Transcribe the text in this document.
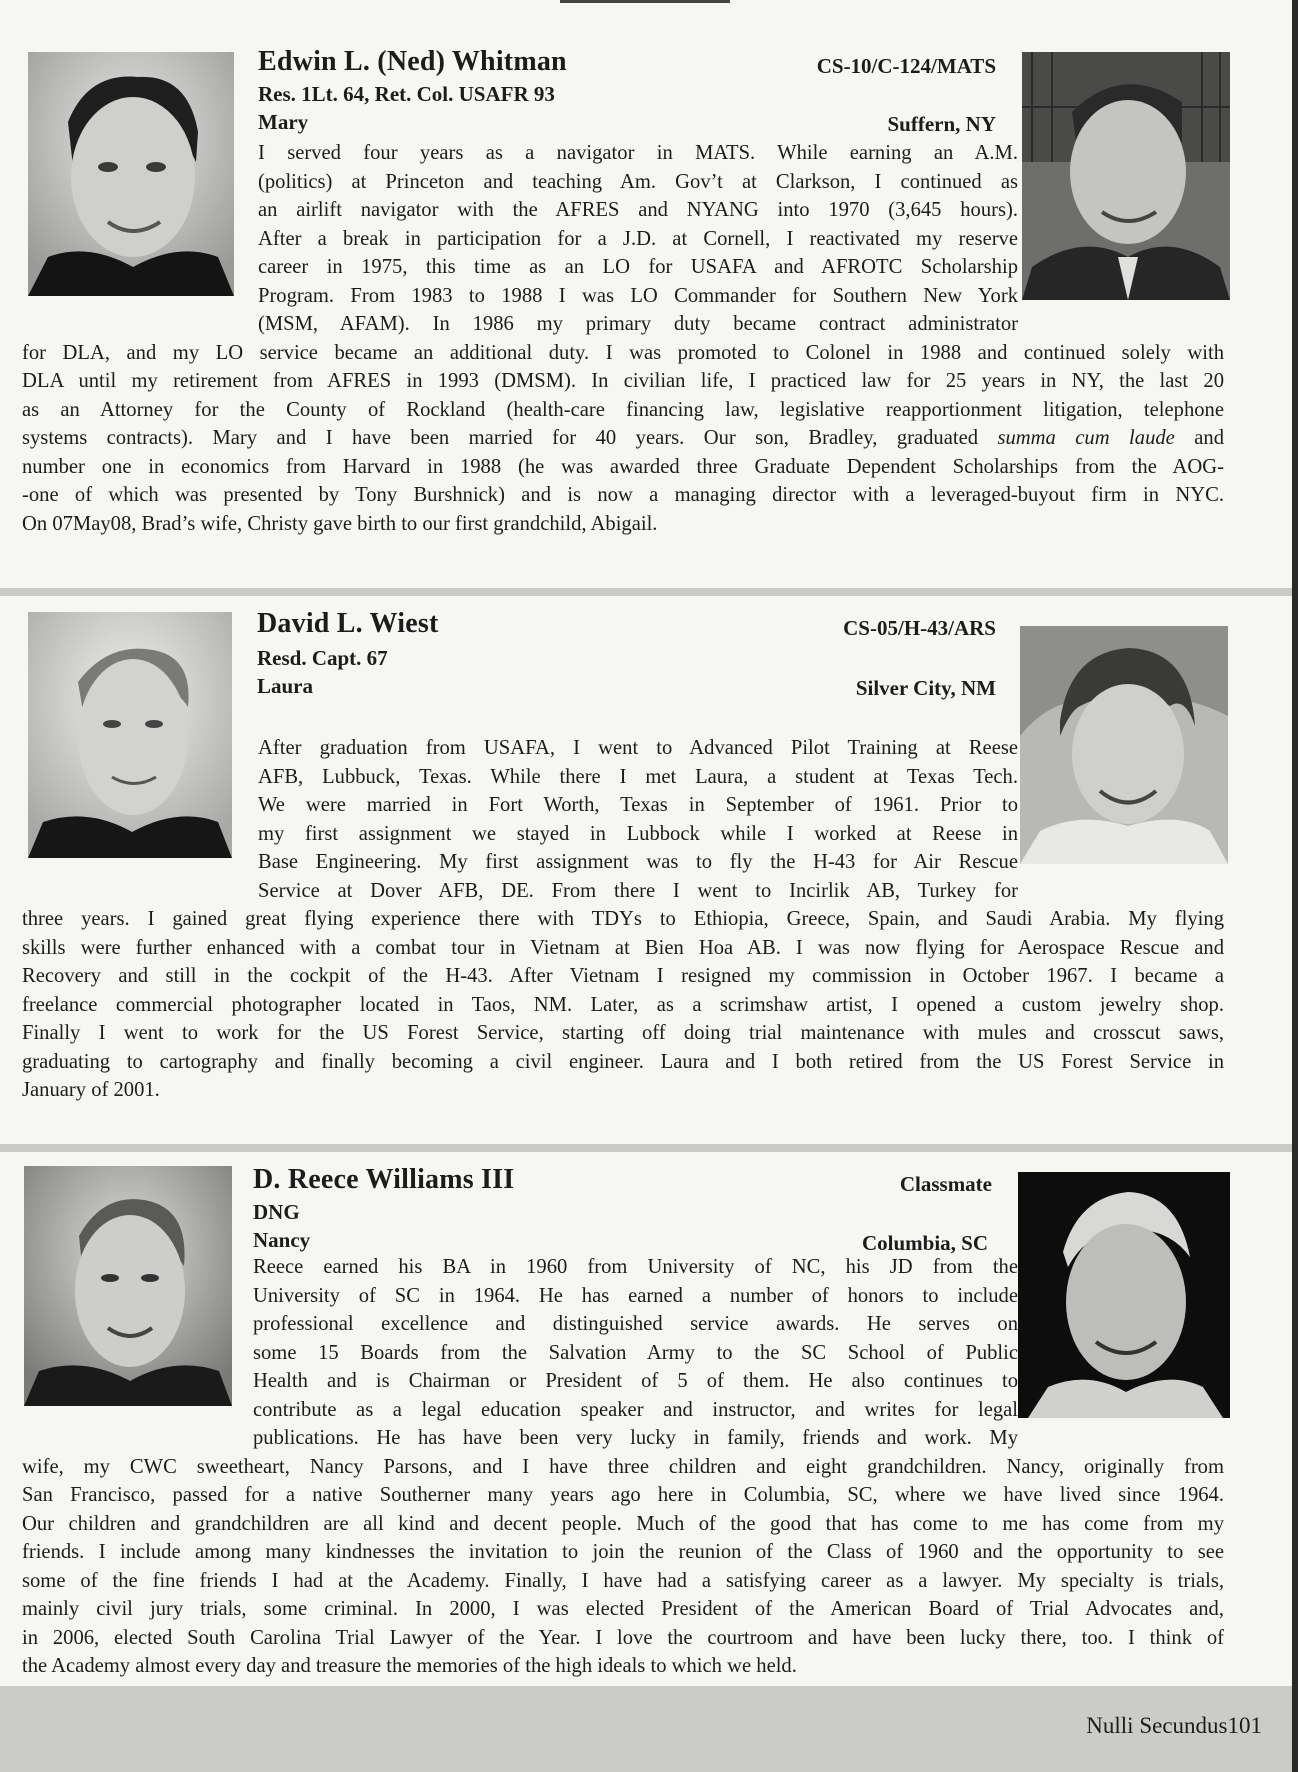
Edwin L. (Ned) Whitman	CS-10/C-124/MATS
Res. 1Lt. 64, Ret. Col. USAFR 93
Mary	Suffern, NY
I served four years as a navigator in MATS. While earning an A.M.
(politics) at Princeton and teaching Am. Gov’t at Clarkson, I continued as
an airlift navigator with the AFRES and NYANG into 1970 (3,645 hours).
After a break in participation for a J.D. at Cornell, I reactivated my reserve
career in 1975, this time as an LO for USAFA and AFROTC Scholarship
Program. From 1983 to 1988 I was LO Commander for Southern New York
(MSM, AFAM). In 1986 my primary duty became contract administrator
for DLA, and my LO service became an additional duty. I was promoted to Colonel in 1988 and continued solely with
DLA until my retirement from AFRES in 1993 (DMSM). In civilian life, I practiced law for 25 years in NY, the last 20
as an Attorney for the County of Rockland (health-care financing law, legislative reapportionment litigation, telephone
systems contracts). Mary and I have been married for 40 years. Our son, Bradley, graduated summa cum laude and
number one in economics from Harvard in 1988 (he was awarded three Graduate Dependent Scholarships from the AOG-
-one of which was presented by Tony Burshnick) and is now a managing director with a leveraged-buyout firm in NYC.
On 07May08, Brad’s wife, Christy gave birth to our first grandchild, Abigail.
David L. Wiest	CS-05/H-43/ARS
Resd. Capt. 67
Laura	Silver City, NM
After graduation from USAFA, I went to Advanced Pilot Training at Reese
AFB, Lubbuck, Texas. While there I met Laura, a student at Texas Tech.
We were married in Fort Worth, Texas in September of 1961. Prior to
my first assignment we stayed in Lubbock while I worked at Reese in
Base Engineering. My first assignment was to fly the H-43 for Air Rescue
Service at Dover AFB, DE. From there I went to Incirlik AB, Turkey for
three years. I gained great flying experience there with TDYs to Ethiopia, Greece, Spain, and Saudi Arabia. My flying
skills were further enhanced with a combat tour in Vietnam at Bien Hoa AB. I was now flying for Aerospace Rescue and
Recovery and still in the cockpit of the H-43. After Vietnam I resigned my commission in October 1967. I became a
freelance commercial photographer located in Taos, NM. Later, as a scrimshaw artist, I opened a custom jewelry shop.
Finally I went to work for the US Forest Service, starting off doing trial maintenance with mules and crosscut saws,
graduating to cartography and finally becoming a civil engineer. Laura and I both retired from the US Forest Service in
January of 2001.
D. Reece Williams III	Classmate
DNG
Nancy	Columbia, SC
Reece earned his BA in 1960 from University of NC, his JD from the
University of SC in 1964. He has earned a number of honors to include
professional excellence and distinguished service awards. He serves on
some 15 Boards from the Salvation Army to the SC School of Public
Health and is Chairman or President of 5 of them. He also continues to
contribute as a legal education speaker and instructor, and writes for legal
publications. He has have been very lucky in family, friends and work. My
wife, my CWC sweetheart, Nancy Parsons, and I have three children and eight grandchildren. Nancy, originally from
San Francisco, passed for a native Southerner many years ago here in Columbia, SC, where we have lived since 1964.
Our children and grandchildren are all kind and decent people. Much of the good that has come to me has come from my
friends. I include among many kindnesses the invitation to join the reunion of the Class of 1960 and the opportunity to see
some of the fine friends I had at the Academy. Finally, I have had a satisfying career as a lawyer. My specialty is trials,
mainly civil jury trials, some criminal. In 2000, I was elected President of the American Board of Trial Advocates and,
in 2006, elected South Carolina Trial Lawyer of the Year. I love the courtroom and have been lucky there, too. I think of
the Academy almost every day and treasure the memories of the high ideals to which we held.
Nulli Secundus101
